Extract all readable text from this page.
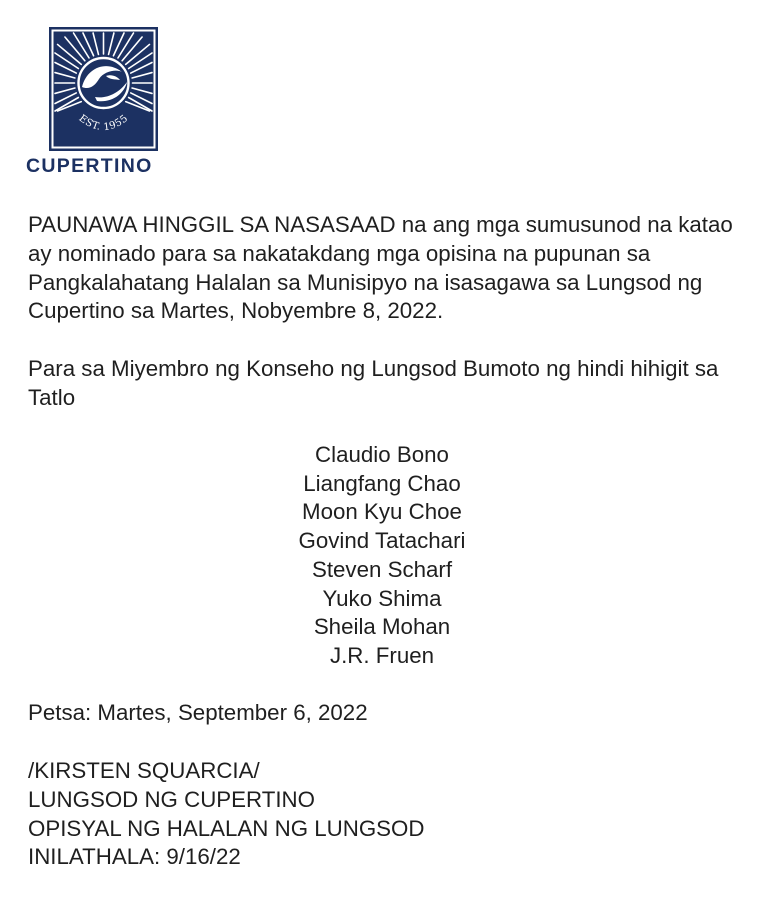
EST. 1955
CUPERTINO

PAUNAWA HINGGIL SA NASASAAD na ang mga sumusunod na katao ay nominado para sa nakatakdang mga opisina na pupunan sa Pangkalahatang Halalan sa Munisipyo na isasagawa sa Lungsod ng Cupertino sa Martes, Nobyembre 8, 2022.

Para sa Miyembro ng Konseho ng Lungsod Bumoto ng hindi hihigit sa Tatlo

Claudio Bono
Liangfang Chao
Moon Kyu Choe
Govind Tatachari
Steven Scharf
Yuko Shima
Sheila Mohan
J.R. Fruen

Petsa: Martes, September 6, 2022

/KIRSTEN SQUARCIA/
LUNGSOD NG CUPERTINO
OPISYAL NG HALALAN NG LUNGSOD
INILATHALA: 9/16/22
